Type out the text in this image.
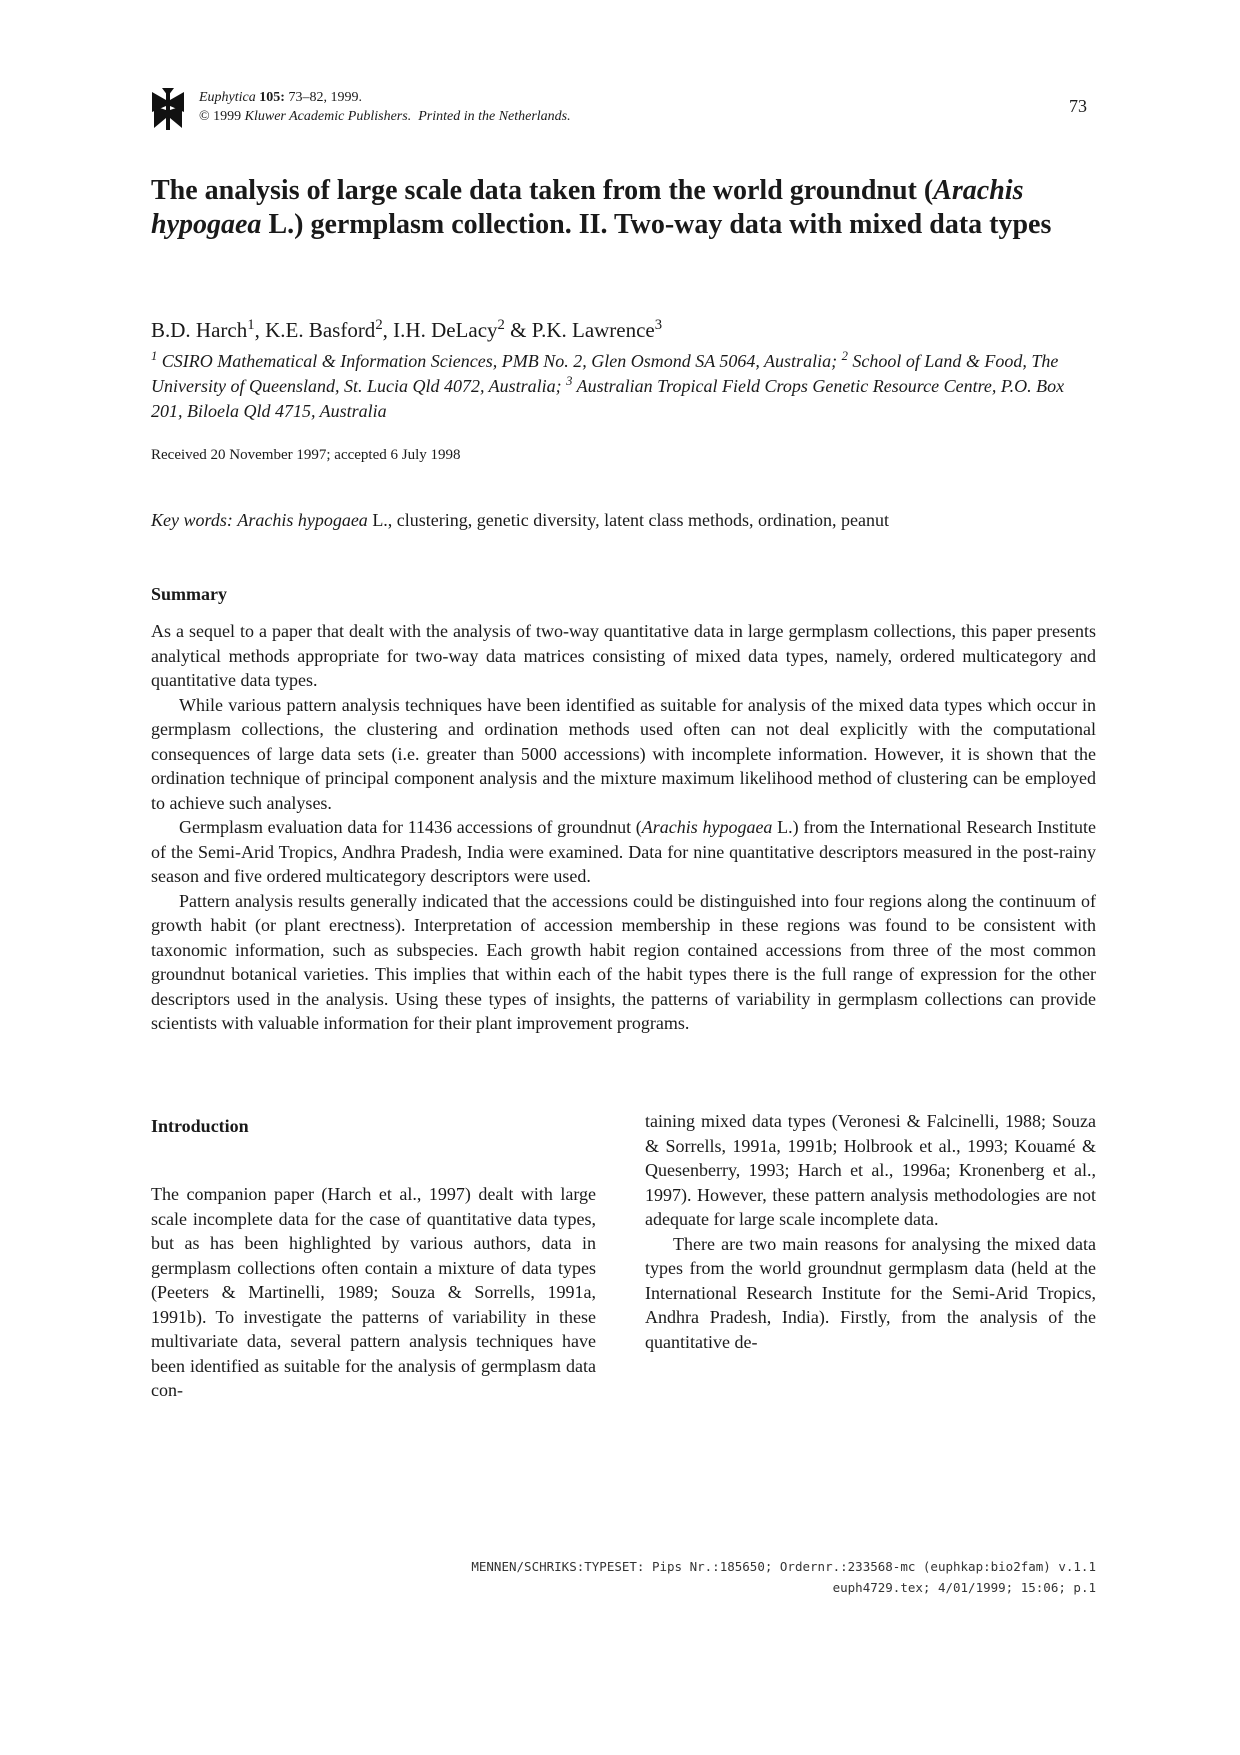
Euphytica 105: 73–82, 1999.
© 1999 Kluwer Academic Publishers. Printed in the Netherlands.
73
The analysis of large scale data taken from the world groundnut (Arachis hypogaea L.) germplasm collection. II. Two-way data with mixed data types
B.D. Harch$^1$, K.E. Basford$^2$, I.H. DeLacy$^2$ & P.K. Lawrence$^3$
$^1$ CSIRO Mathematical & Information Sciences, PMB No. 2, Glen Osmond SA 5064, Australia; $^2$ School of Land & Food, The University of Queensland, St. Lucia Qld 4072, Australia; $^3$ Australian Tropical Field Crops Genetic Resource Centre, P.O. Box 201, Biloela Qld 4715, Australia
Received 20 November 1997; accepted 6 July 1998
Key words: Arachis hypogaea L., clustering, genetic diversity, latent class methods, ordination, peanut
Summary

As a sequel to a paper that dealt with the analysis of two-way quantitative data in large germplasm collections, this paper presents analytical methods appropriate for two-way data matrices consisting of mixed data types, namely, ordered multicategory and quantitative data types.

While various pattern analysis techniques have been identified as suitable for analysis of the mixed data types which occur in germplasm collections, the clustering and ordination methods used often can not deal explicitly with the computational consequences of large data sets (i.e. greater than 5000 accessions) with incomplete information. However, it is shown that the ordination technique of principal component analysis and the mixture maximum likelihood method of clustering can be employed to achieve such analyses.

Germplasm evaluation data for 11436 accessions of groundnut (Arachis hypogaea L.) from the International Research Institute of the Semi-Arid Tropics, Andhra Pradesh, India were examined. Data for nine quantitative descriptors measured in the post-rainy season and five ordered multicategory descriptors were used.

Pattern analysis results generally indicated that the accessions could be distinguished into four regions along the continuum of growth habit (or plant erectness). Interpretation of accession membership in these regions was found to be consistent with taxonomic information, such as subspecies. Each growth habit region contained accessions from three of the most common groundnut botanical varieties. This implies that within each of the habit types there is the full range of expression for the other descriptors used in the analysis. Using these types of insights, the patterns of variability in germplasm collections can provide scientists with valuable information for their plant improvement programs.

Introduction

The companion paper (Harch et al., 1997) dealt with large scale incomplete data for the case of quantitative data types, but as has been highlighted by various authors, data in germplasm collections often contain a mixture of data types (Peeters & Martinelli, 1989; Souza & Sorrells, 1991a, 1991b). To investigate the patterns of variability in these multivariate data, several pattern analysis techniques have been identified as suitable for the analysis of germplasm data con-

taining mixed data types (Veronesi & Falcinelli, 1988; Souza & Sorrells, 1991a, 1991b; Holbrook et al., 1993; Kouamé & Quesenberry, 1993; Harch et al., 1996a; Kronenberg et al., 1997). However, these pattern analysis methodologies are not adequate for large scale incomplete data.

There are two main reasons for analysing the mixed data types from the world groundnut germplasm data (held at the International Research Institute for the Semi-Arid Tropics, Andhra Pradesh, India). Firstly, from the analysis of the quantitative de-

MENNEN/SCHRIKS:TYPESET: Pips Nr.:185650; Ordernr.:233568-mc (euphkap:bio2fam) v.1.1
euph4729.tex; 4/01/1999; 15:06; p.1
